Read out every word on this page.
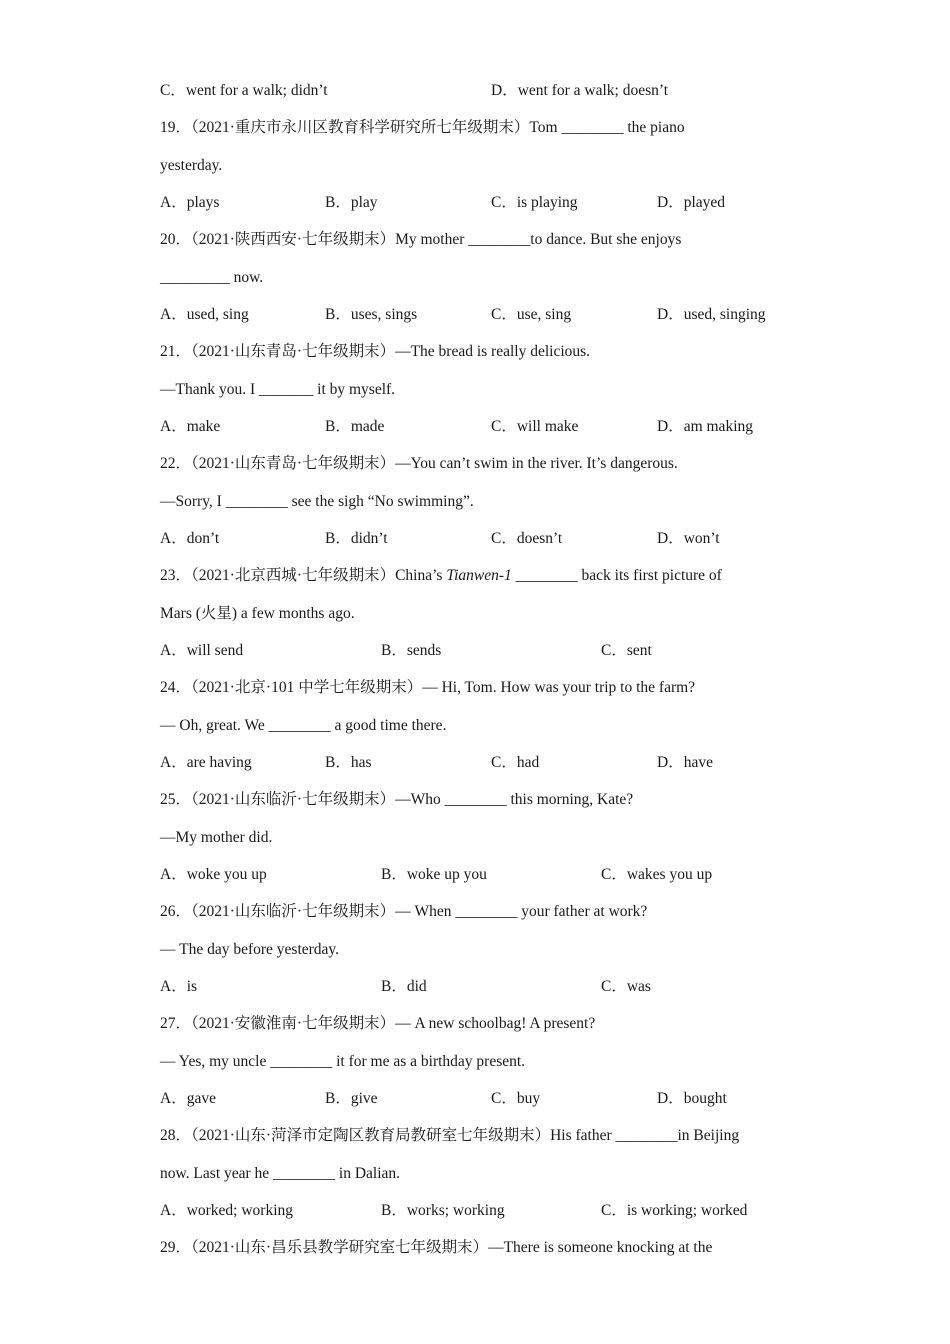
C．went for a walk; didn’t	D．went for a walk; doesn’t
19．（2021·重庆市永川区教育科学研究所七年级期末）Tom ________ the piano
yesterday.
A．plays	B．play	C．is playing	D．played
20．（2021·陕西西安·七年级期末）My mother ________to dance. But she enjoys
_________ now.
A．used, sing	B．uses, sings	C．use, sing	D．used, singing
21．（2021·山东青岛·七年级期末）—The bread is really delicious.
—Thank you. I _______ it by myself.
A．make	B．made	C．will make	D．am making
22．（2021·山东青岛·七年级期末）—You can’t swim in the river. It’s dangerous.
—Sorry, I ________ see the sigh “No swimming”.
A．don’t	B．didn’t	C．doesn’t	D．won’t
23．（2021·北京西城·七年级期末）China’s Tianwen-1 ________ back its first picture of
Mars (火星) a few months ago.
A．will send	B．sends	C．sent
24．（2021·北京·101 中学七年级期末）— Hi, Tom. How was your trip to the farm?
— Oh, great. We ________ a good time there.
A．are having	B．has	C．had	D．have
25．（2021·山东临沂·七年级期末）—Who ________ this morning, Kate?
—My mother did.
A．woke you up	B．woke up you	C．wakes you up
26．（2021·山东临沂·七年级期末）— When ________ your father at work?
— The day before yesterday.
A．is	B．did	C．was
27．（2021·安徽淮南·七年级期末）— A new schoolbag! A present?
— Yes, my uncle ________ it for me as a birthday present.
A．gave	B．give	C．buy	D．bought
28．（2021·山东·菏泽市定陶区教育局教研室七年级期末）His father ________in Beijing
now. Last year he ________ in Dalian.
A．worked; working	B．works; working	C．is working; worked
29．（2021·山东·昌乐县教学研究室七年级期末）—There is someone knocking at the
